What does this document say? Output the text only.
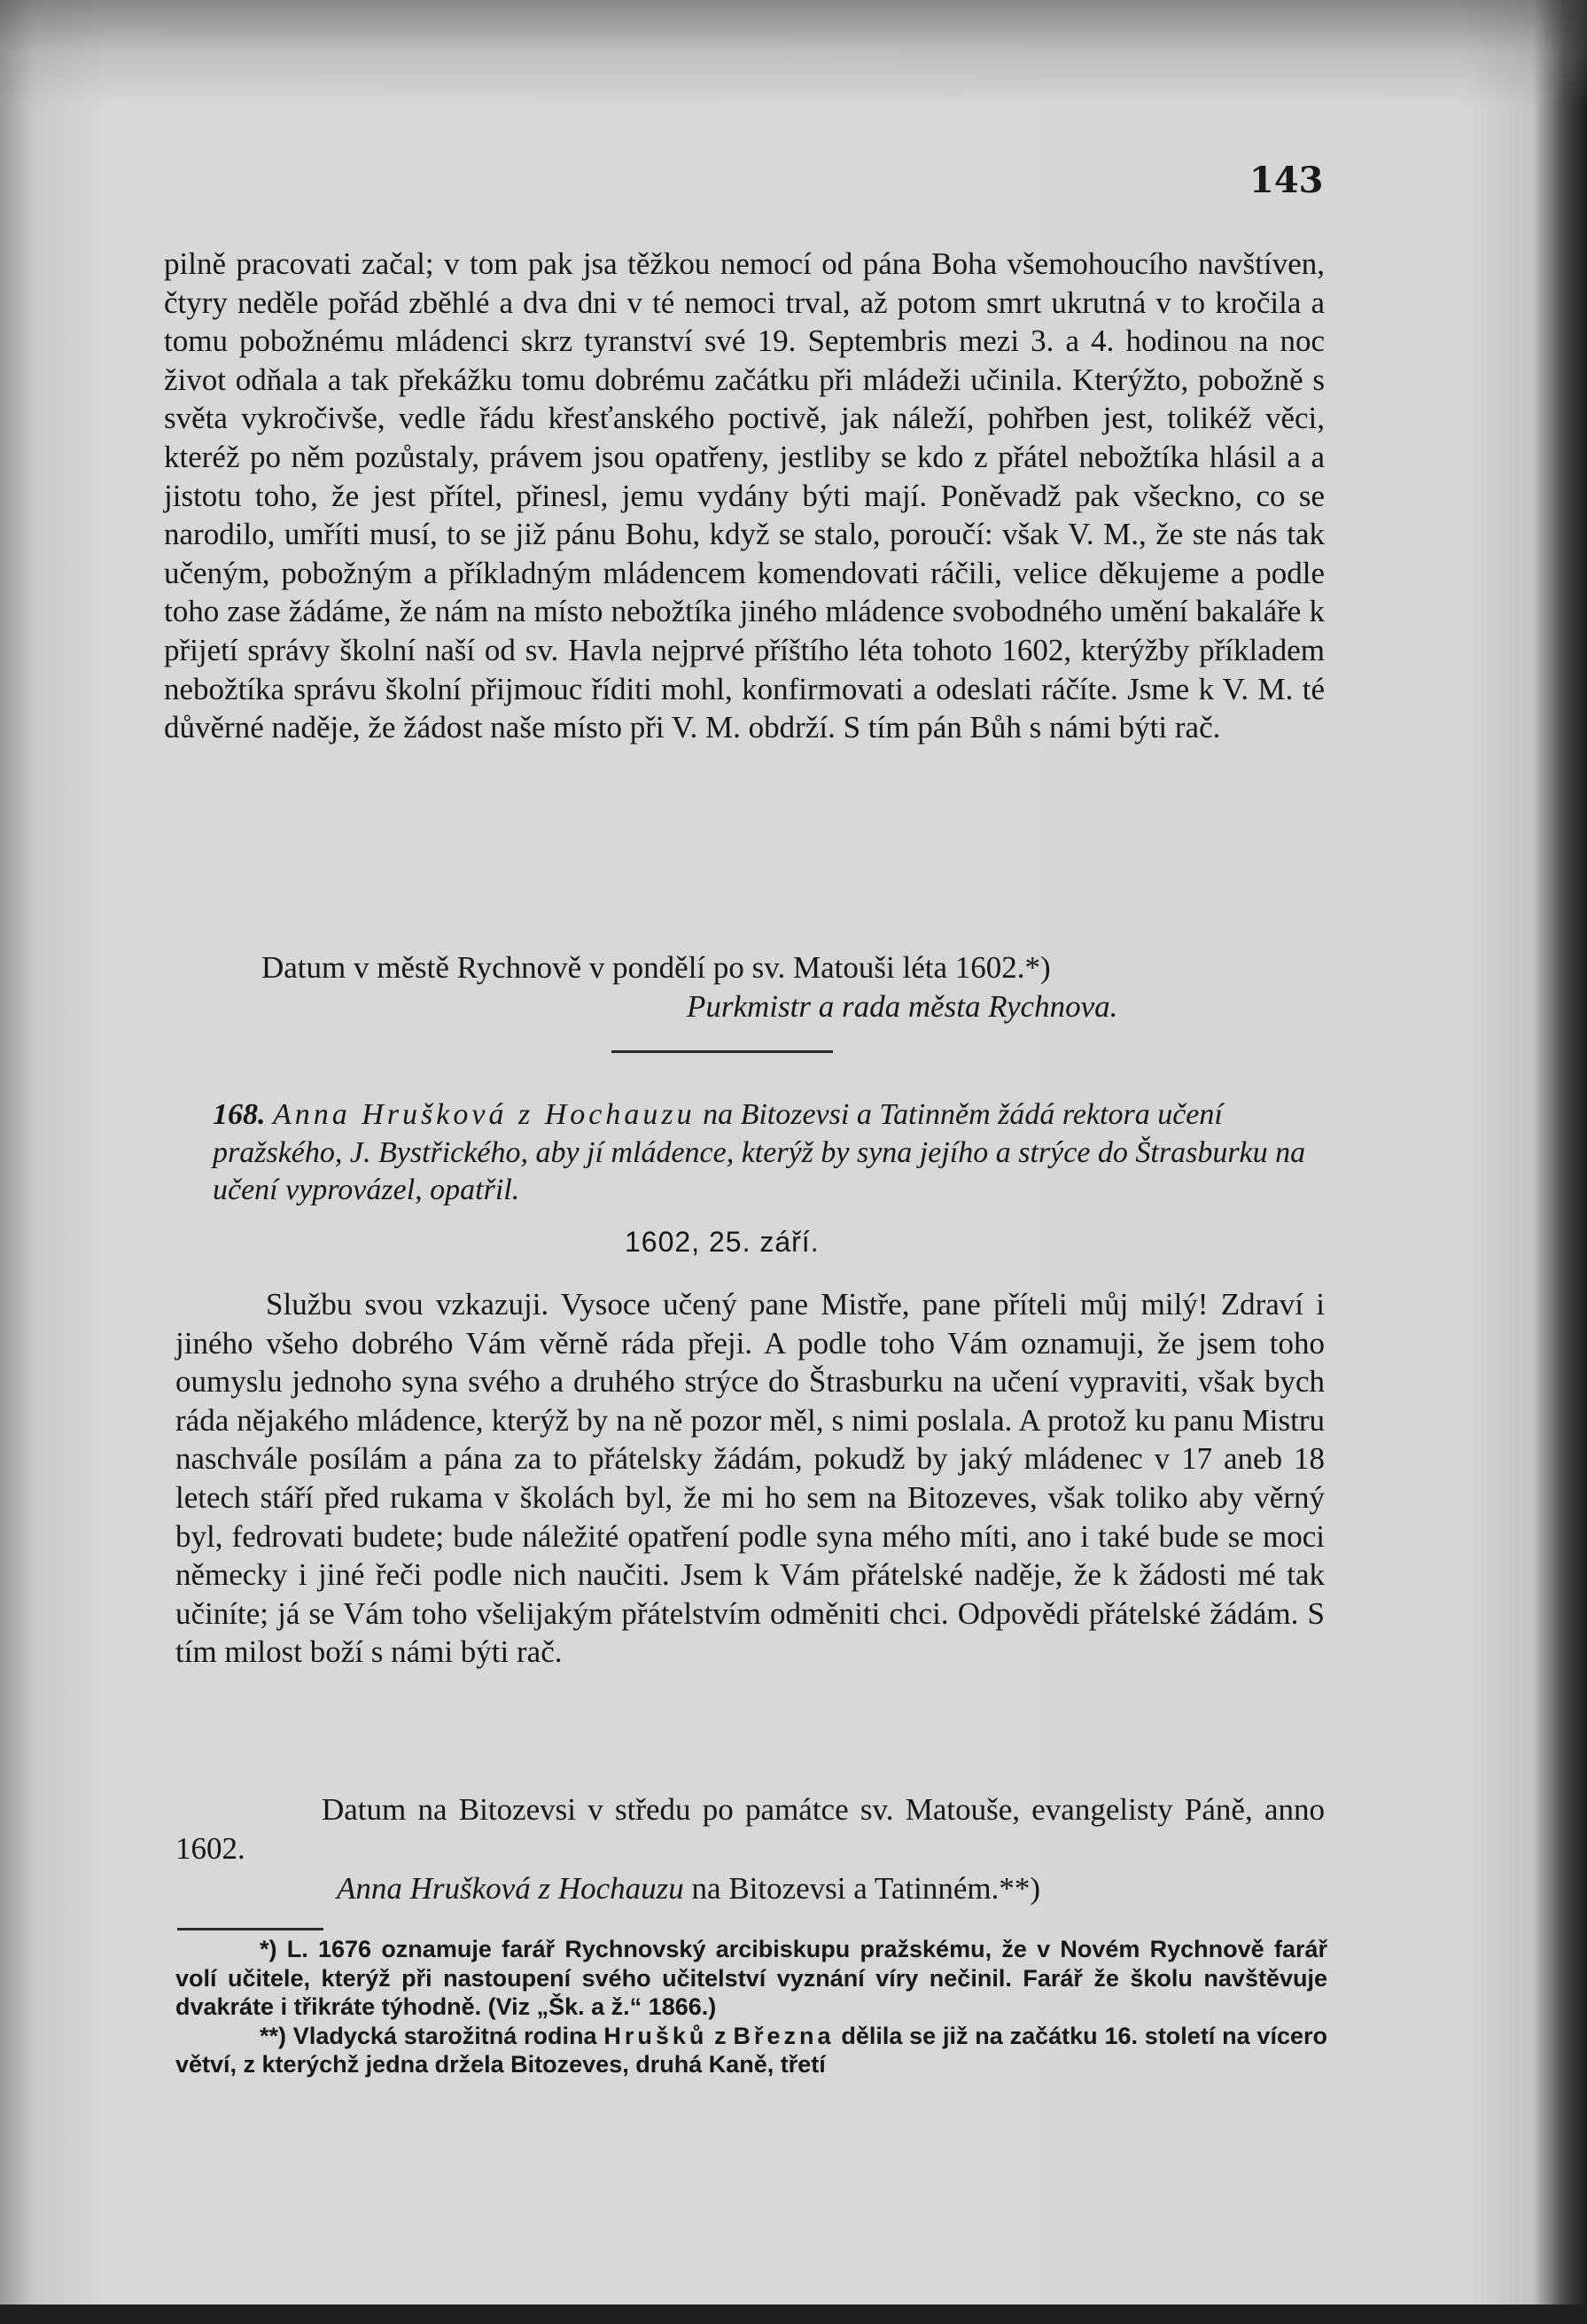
143
pilně pracovati začal; v tom pak jsa těžkou nemocí od pána Boha všemohoucího navštíven, čtyry neděle pořád zběhlé a dva dni v té nemoci trval, až potom smrt ukrutná v to kročila a tomu pobožnému mládenci skrz tyranství své 19. Septembris mezi 3. a 4. hodinou na noc život odňala a tak překážku tomu dobrému začátku při mládeži učinila. Kterýžto, pobožně s světa vykročivše, vedle řádu křesťanského poctivě, jak náleží, pohřben jest, tolikéž věci, kteréž po něm pozůstaly, právem jsou opatřeny, jestliby se kdo z přátel nebožtíka hlásil a a jistotu toho, že jest přítel, přinesl, jemu vydány býti mají. Poněvadž pak všeckno, co se narodilo, umříti musí, to se již pánu Bohu, když se stalo, poroučí: však V. M., že ste nás tak učeným, pobožným a příkladným mládencem komendovati ráčili, velice děkujeme a podle toho zase žádáme, že nám na místo nebožtíka jiného mládence svobodného umění bakaláře k přijetí správy školní naší od sv. Havla nejprvé příštího léta tohoto 1602, kterýžby příkladem nebožtíka správu školní přijmouc říditi mohl, konfirmovati a odeslati ráčíte. Jsme k V. M. té důvěrné naděje, že žádost naše místo při V. M. obdrží. S tím pán Bůh s námi býti rač.
Datum v městě Rychnově v pondělí po sv. Matouši léta 1602.*)
Purkmistr a rada města Rychnova.
168. Anna Hrušková z Hochauzu na Bitozevsi a Tatinněm žádá rektora učení pražského, J. Bystřického, aby jí mládence, kterýž by syna jejího a strýce do Štrasburku na učení vyprovázel, opatřil.
1602, 25. září.
Službu svou vzkazuji. Vysoce učený pane Mistře, pane příteli můj milý! Zdraví i jiného všeho dobrého Vám věrně ráda přeji. A podle toho Vám oznamuji, že jsem toho oumyslu jednoho syna svého a druhého strýce do Štrasburku na učení vypraviti, však bych ráda nějakého mládence, kterýž by na ně pozor měl, s nimi poslala. A protož ku panu Mistru naschvále posílám a pána za to přátelsky žádám, pokudž by jaký mládenec v 17 aneb 18 letech stáří před rukama v školách byl, že mi ho sem na Bitozeves, však toliko aby věrný byl, fedrovati budete; bude náležité opatření podle syna mého míti, ano i také bude se moci německy i jiné řeči podle nich naučiti. Jsem k Vám přátelské naděje, že k žádosti mé tak učiníte; já se Vám toho všelijakým přátelstvím odměniti chci. Odpovědi přátelské žádám. S tím milost boží s námi býti rač.
Datum na Bitozevsi v středu po památce sv. Matouše, evangelisty Páně, anno 1602.
Anna Hrušková z Hochauzu na Bitozevsi a Tatinném.**)
*) L. 1676 oznamuje farář Rychnovský arcibiskupu pražskému, že v Novém Rychnově farář volí učitele, kterýž při nastoupení svého učitelství vyznání víry nečinil. Farář že školu navštěvuje dvakráte i třikráte týhodně. (Viz „Šk. a ž.“ 1866.)
**) Vladycká starožitná rodina Hrušků z Března dělila se již na začátku 16. století na vícero větví, z kterýchž jedna držela Bitozeves, druhá Kaně, třetí
